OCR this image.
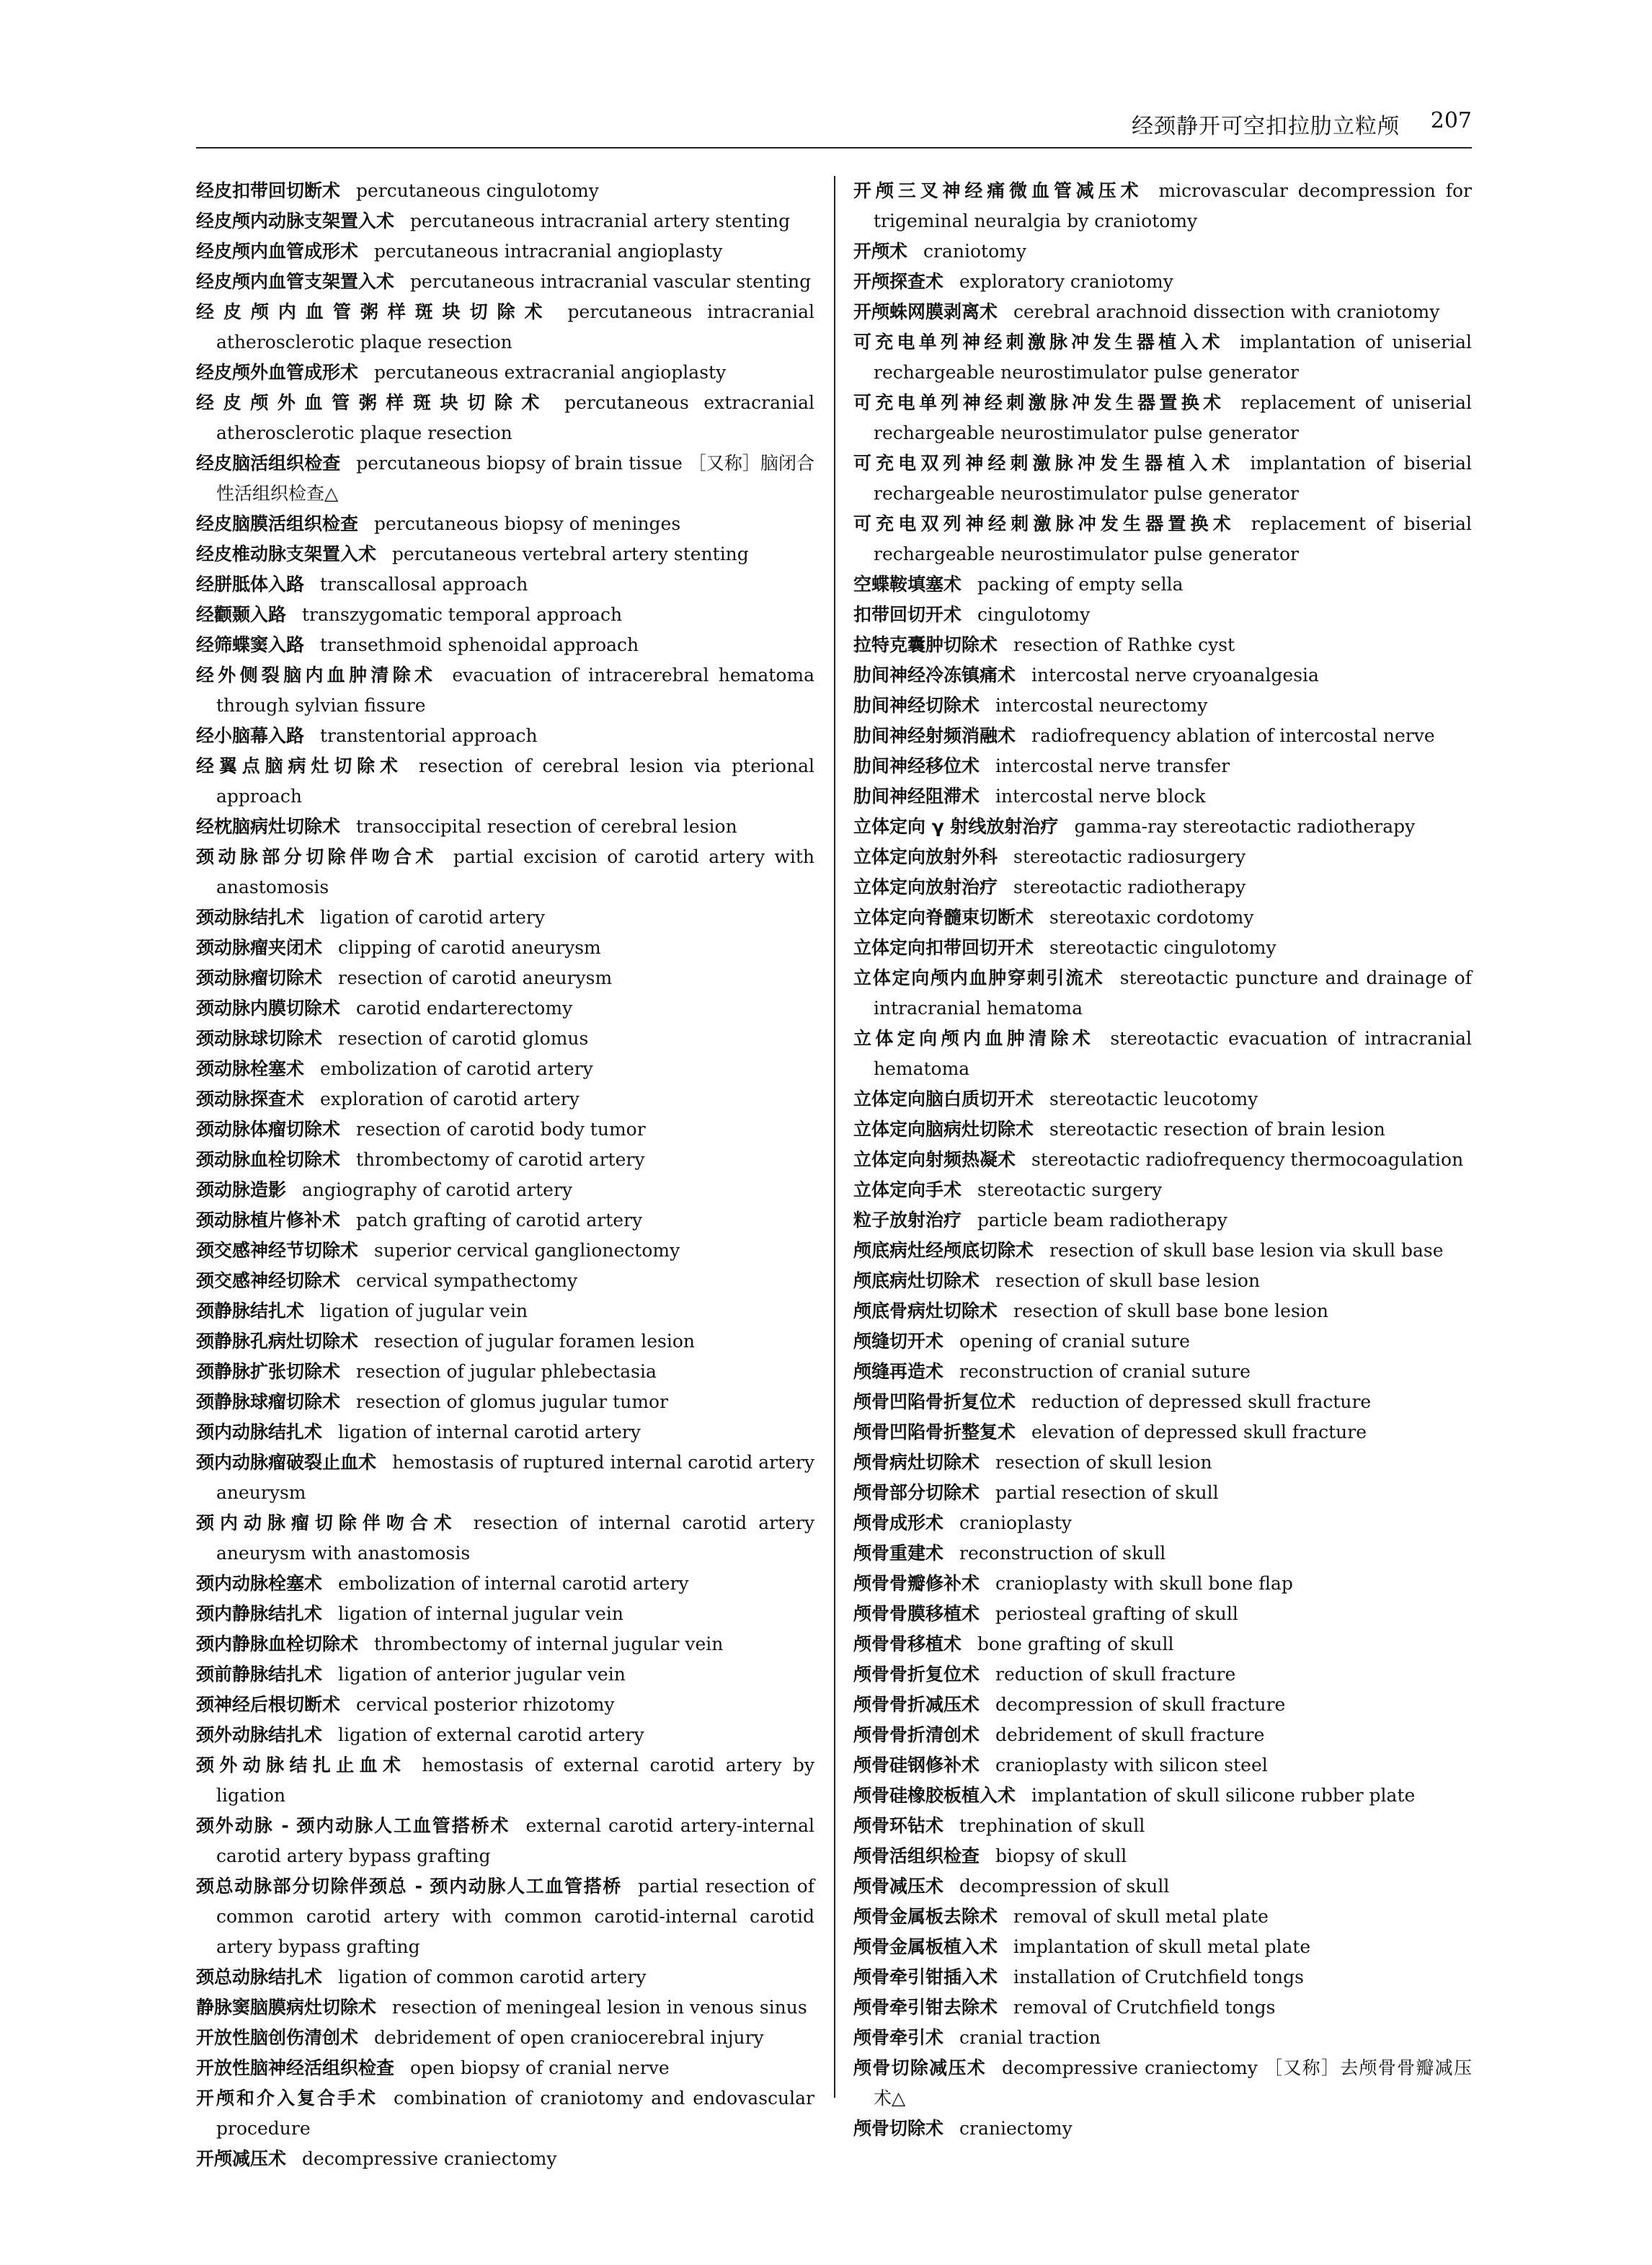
经颈静开可空扣拉肋立粒颅 207

经皮扣带回切断术 percutaneous cingulotomy

经皮颅内动脉支架置入术 percutaneous intracranial artery stenting

经皮颅内血管成形术 percutaneous intracranial angioplasty

经皮颅内血管支架置入术 percutaneous intracranial vascular stenting

经皮颅内血管粥样斑块切除术 percutaneous intracranial atherosclerotic plaque resection

经皮颅外血管成形术 percutaneous extracranial angioplasty

经皮颅外血管粥样斑块切除术 percutaneous extracranial atherosclerotic plaque resection

经皮脑活组织检查 percutaneous biopsy of brain tissue ［又称］脑闭合性活组织检查△

经皮脑膜活组织检查 percutaneous biopsy of meninges

经皮椎动脉支架置入术 percutaneous vertebral artery stenting

经胼胝体入路 transcallosal approach

经颧颞入路 transzygomatic temporal approach

经筛蝶窦入路 transethmoid sphenoidal approach

经外侧裂脑内血肿清除术 evacuation of intracerebral hematoma through sylvian fissure

经小脑幕入路 transtentorial approach

经翼点脑病灶切除术 resection of cerebral lesion via pterional approach

经枕脑病灶切除术 transoccipital resection of cerebral lesion

颈动脉部分切除伴吻合术 partial excision of carotid artery with anastomosis

颈动脉结扎术 ligation of carotid artery

颈动脉瘤夹闭术 clipping of carotid aneurysm

颈动脉瘤切除术 resection of carotid aneurysm

颈动脉内膜切除术 carotid endarterectomy

颈动脉球切除术 resection of carotid glomus

颈动脉栓塞术 embolization of carotid artery

颈动脉探查术 exploration of carotid artery

颈动脉体瘤切除术 resection of carotid body tumor

颈动脉血栓切除术 thrombectomy of carotid artery

颈动脉造影 angiography of carotid artery

颈动脉植片修补术 patch grafting of carotid artery

颈交感神经节切除术 superior cervical ganglionectomy

颈交感神经切除术 cervical sympathectomy

颈静脉结扎术 ligation of jugular vein

颈静脉孔病灶切除术 resection of jugular foramen lesion

颈静脉扩张切除术 resection of jugular phlebectasia

颈静脉球瘤切除术 resection of glomus jugular tumor

颈内动脉结扎术 ligation of internal carotid artery

颈内动脉瘤破裂止血术 hemostasis of ruptured internal carotid artery aneurysm

颈内动脉瘤切除伴吻合术 resection of internal carotid artery aneurysm with anastomosis

颈内动脉栓塞术 embolization of internal carotid artery

颈内静脉结扎术 ligation of internal jugular vein

颈内静脉血栓切除术 thrombectomy of internal jugular vein

颈前静脉结扎术 ligation of anterior jugular vein

颈神经后根切断术 cervical posterior rhizotomy

颈外动脉结扎术 ligation of external carotid artery

颈外动脉结扎止血术 hemostasis of external carotid artery by ligation

颈外动脉 - 颈内动脉人工血管搭桥术 external carotid artery-internal carotid artery bypass grafting

颈总动脉部分切除伴颈总 - 颈内动脉人工血管搭桥 partial resection of common carotid artery with common carotid-internal carotid artery bypass grafting

颈总动脉结扎术 ligation of common carotid artery

静脉窦脑膜病灶切除术 resection of meningeal lesion in venous sinus

开放性脑创伤清创术 debridement of open craniocerebral injury

开放性脑神经活组织检查 open biopsy of cranial nerve

开颅和介入复合手术 combination of craniotomy and endovascular procedure

开颅减压术 decompressive craniectomy

开颅三叉神经痛微血管减压术 microvascular decompression for trigeminal neuralgia by craniotomy

开颅术 craniotomy

开颅探查术 exploratory craniotomy

开颅蛛网膜剥离术 cerebral arachnoid dissection with craniotomy

可充电单列神经刺激脉冲发生器植入术 implantation of uniserial rechargeable neurostimulator pulse generator

可充电单列神经刺激脉冲发生器置换术 replacement of uniserial rechargeable neurostimulator pulse generator

可充电双列神经刺激脉冲发生器植入术 implantation of biserial rechargeable neurostimulator pulse generator

可充电双列神经刺激脉冲发生器置换术 replacement of biserial rechargeable neurostimulator pulse generator

空蝶鞍填塞术 packing of empty sella

扣带回切开术 cingulotomy

拉特克囊肿切除术 resection of Rathke cyst

肋间神经冷冻镇痛术 intercostal nerve cryoanalgesia

肋间神经切除术 intercostal neurectomy

肋间神经射频消融术 radiofrequency ablation of intercostal nerve

肋间神经移位术 intercostal nerve transfer

肋间神经阻滞术 intercostal nerve block

立体定向 γ 射线放射治疗 gamma-ray stereotactic radiotherapy

立体定向放射外科 stereotactic radiosurgery

立体定向放射治疗 stereotactic radiotherapy

立体定向脊髓束切断术 stereotaxic cordotomy

立体定向扣带回切开术 stereotactic cingulotomy

立体定向颅内血肿穿刺引流术 stereotactic puncture and drainage of intracranial hematoma

立体定向颅内血肿清除术 stereotactic evacuation of intracranial hematoma

立体定向脑白质切开术 stereotactic leucotomy

立体定向脑病灶切除术 stereotactic resection of brain lesion

立体定向射频热凝术 stereotactic radiofrequency thermocoagulation

立体定向手术 stereotactic surgery

粒子放射治疗 particle beam radiotherapy

颅底病灶经颅底切除术 resection of skull base lesion via skull base

颅底病灶切除术 resection of skull base lesion

颅底骨病灶切除术 resection of skull base bone lesion

颅缝切开术 opening of cranial suture

颅缝再造术 reconstruction of cranial suture

颅骨凹陷骨折复位术 reduction of depressed skull fracture

颅骨凹陷骨折整复术 elevation of depressed skull fracture

颅骨病灶切除术 resection of skull lesion

颅骨部分切除术 partial resection of skull

颅骨成形术 cranioplasty

颅骨重建术 reconstruction of skull

颅骨骨瓣修补术 cranioplasty with skull bone flap

颅骨骨膜移植术 periosteal grafting of skull

颅骨骨移植术 bone grafting of skull

颅骨骨折复位术 reduction of skull fracture

颅骨骨折减压术 decompression of skull fracture

颅骨骨折清创术 debridement of skull fracture

颅骨硅钢修补术 cranioplasty with silicon steel

颅骨硅橡胶板植入术 implantation of skull silicone rubber plate

颅骨环钻术 trephination of skull

颅骨活组织检查 biopsy of skull

颅骨减压术 decompression of skull

颅骨金属板去除术 removal of skull metal plate

颅骨金属板植入术 implantation of skull metal plate

颅骨牵引钳插入术 installation of Crutchfield tongs

颅骨牵引钳去除术 removal of Crutchfield tongs

颅骨牵引术 cranial traction

颅骨切除减压术 decompressive craniectomy ［又称］去颅骨骨瓣减压术△

颅骨切除术 craniectomy
